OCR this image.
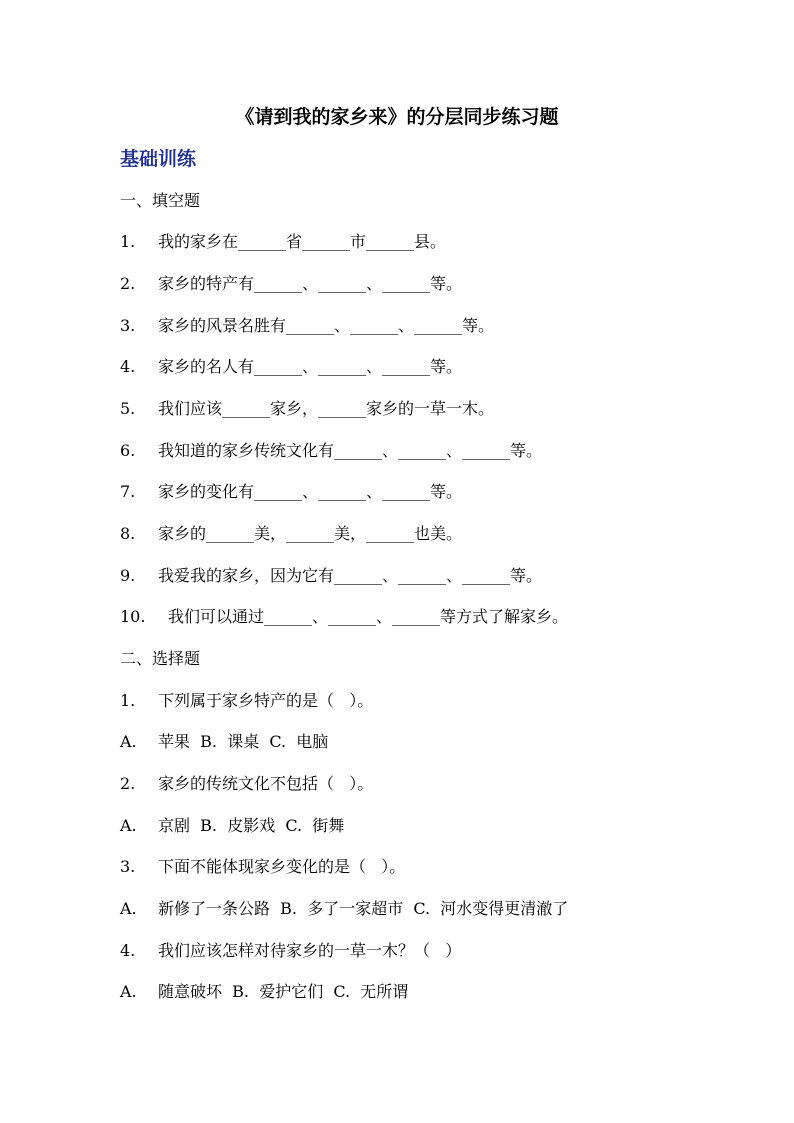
《请到我的家乡来》的分层同步练习题
基础训练
一、填空题
1. 我的家乡在______省______市______县。
2. 家乡的特产有______、______、______等。
3. 家乡的风景名胜有______、______、______等。
4. 家乡的名人有______、______、______等。
5. 我们应该______家乡，______家乡的一草一木。
6. 我知道的家乡传统文化有______、______、______等。
7. 家乡的变化有______、______、______等。
8. 家乡的______美，______美，______也美。
9. 我爱我的家乡，因为它有______、______、______等。
10. 我们可以通过______、______、______等方式了解家乡。
二、选择题
1. 下列属于家乡特产的是（   ）。
A. 苹果  B.  课桌  C.  电脑
2. 家乡的传统文化不包括（   ）。
A. 京剧  B.  皮影戏  C.  街舞
3. 下面不能体现家乡变化的是（   ）。
A. 新修了一条公路  B.  多了一家超市  C.  河水变得更清澈了
4. 我们应该怎样对待家乡的一草一木？（   ）
A. 随意破坏  B.  爱护它们  C.  无所谓
